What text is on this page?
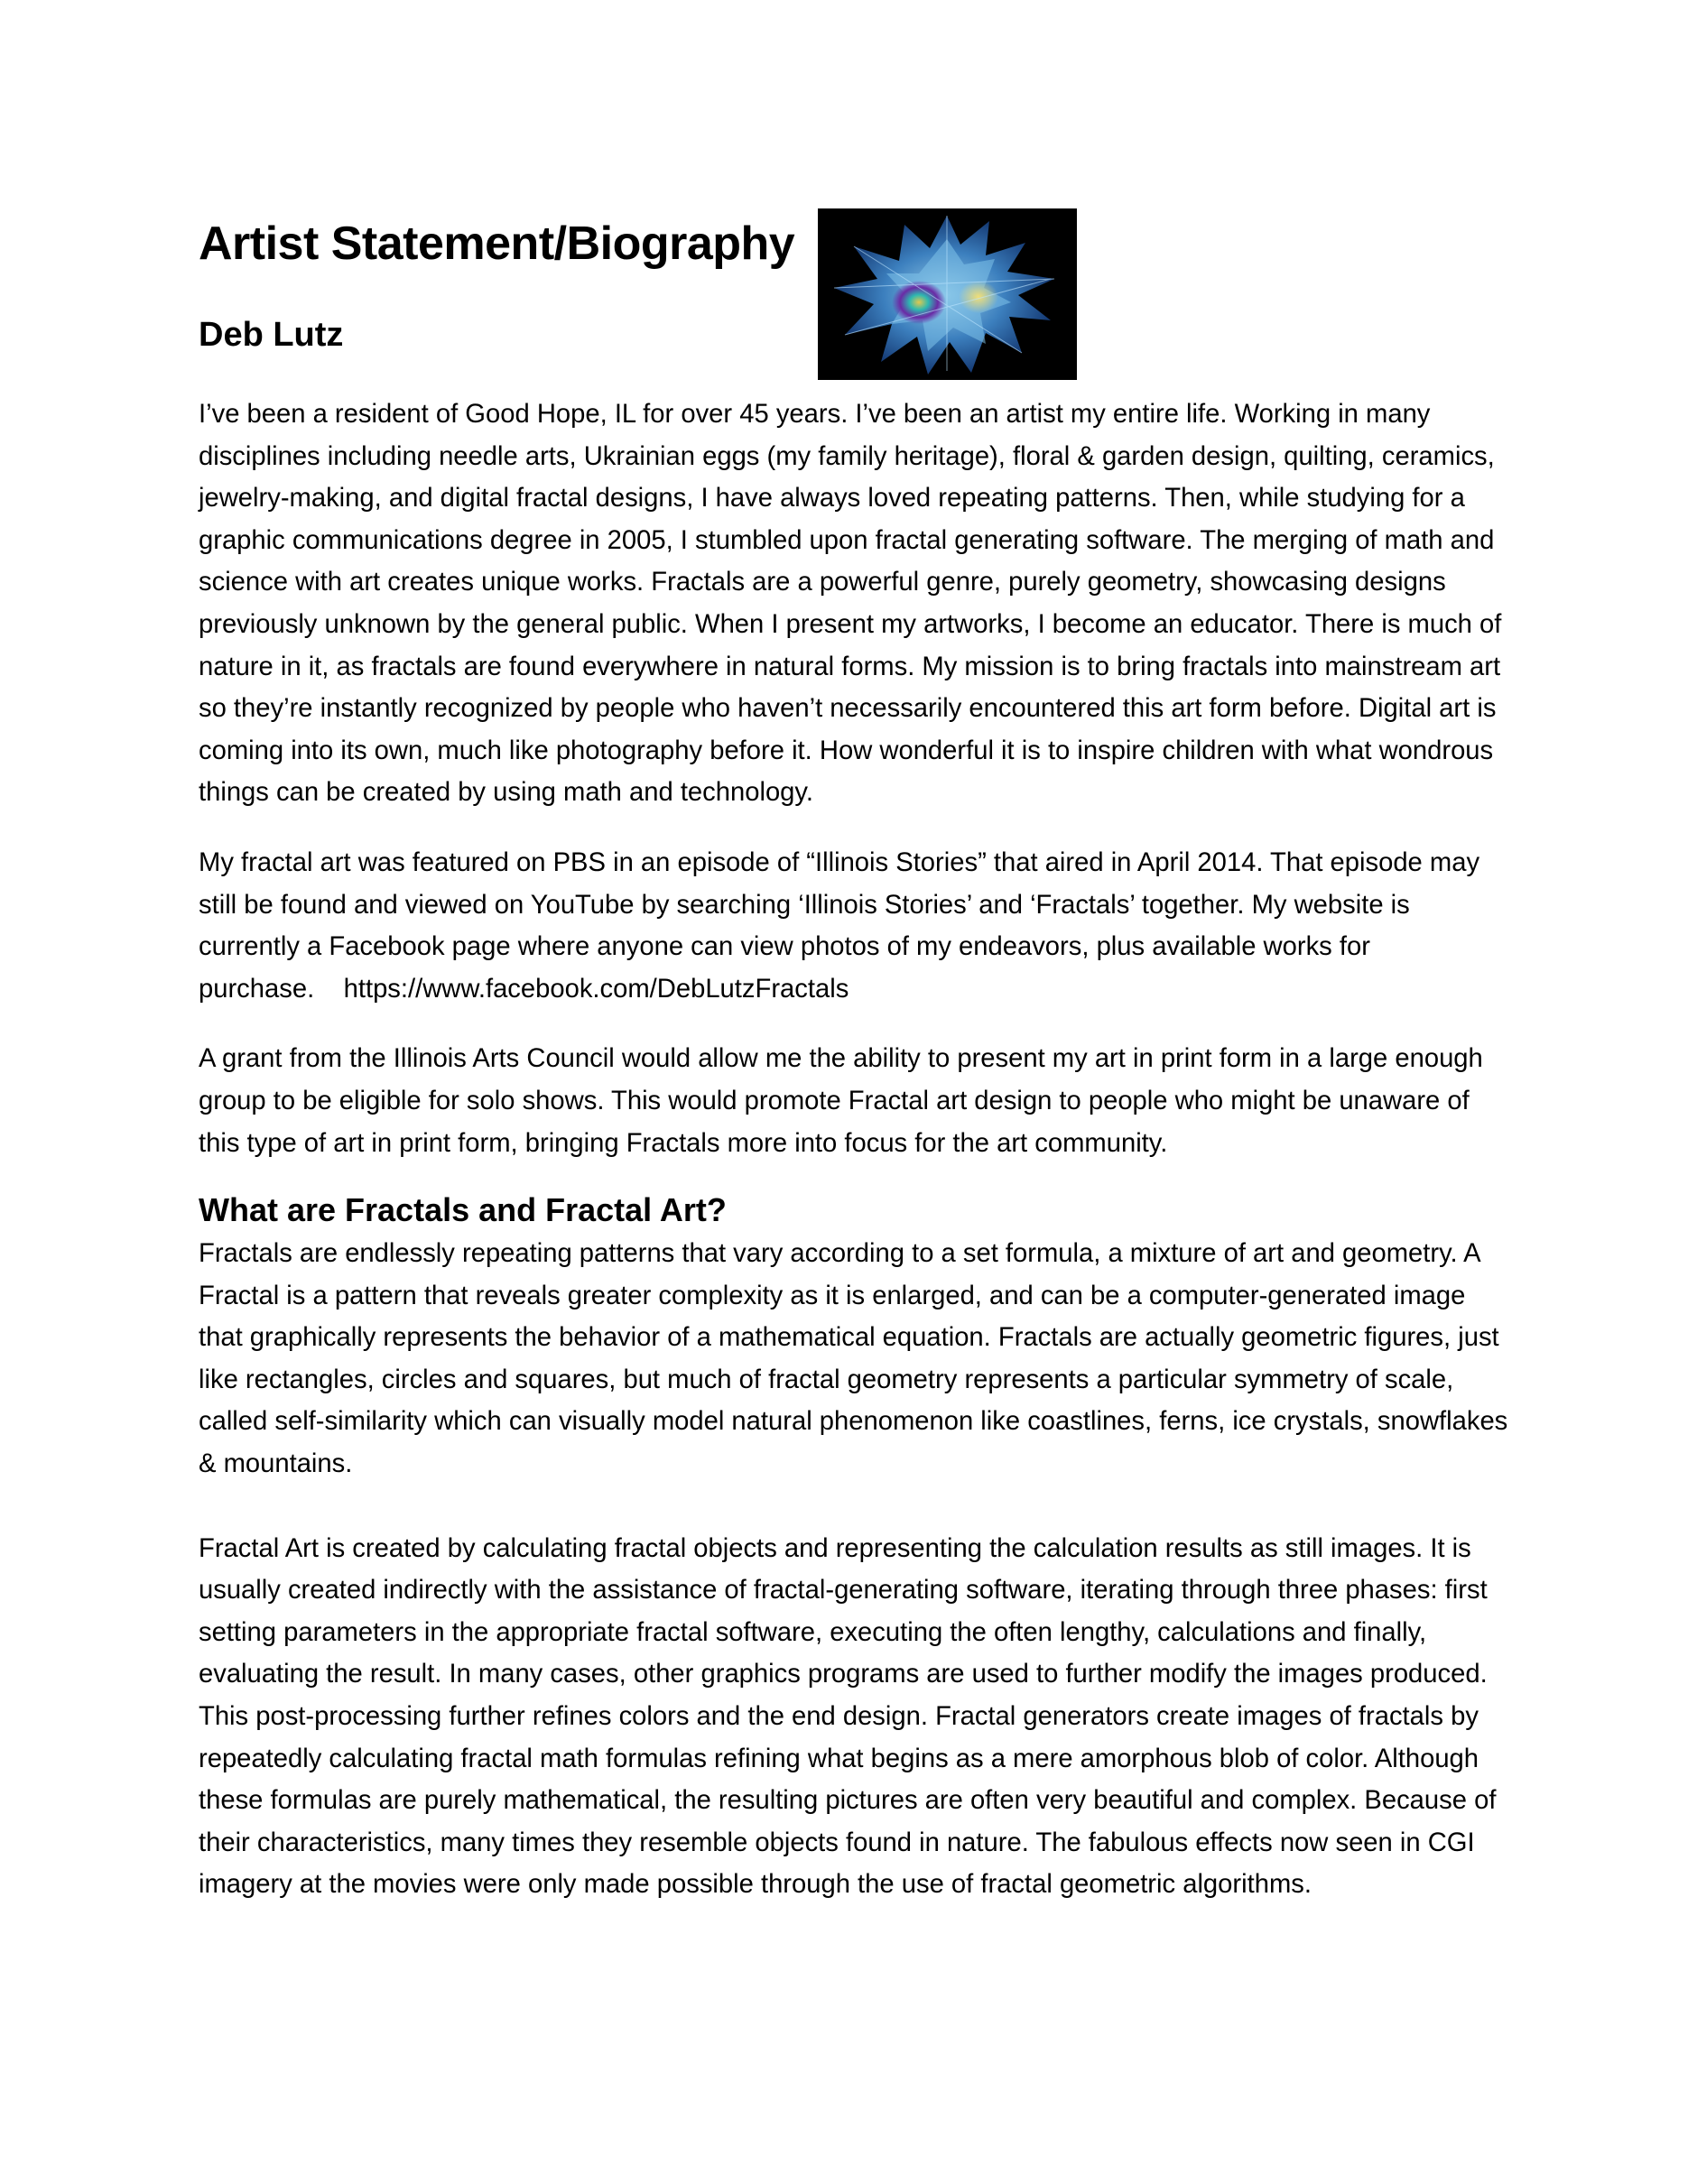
Artist Statement/Biography
Deb Lutz

I’ve been a resident of Good Hope, IL for over 45 years. I’ve been an artist my entire life. Working in many disciplines including needle arts, Ukrainian eggs (my family heritage), floral & garden design, quilting, ceramics, jewelry-making, and digital fractal designs, I have always loved repeating patterns. Then, while studying for a graphic communications degree in 2005, I stumbled upon fractal generating software. The merging of math and science with art creates unique works. Fractals are a powerful genre, purely geometry, showcasing designs previously unknown by the general public. When I present my artworks, I become an educator. There is much of nature in it, as fractals are found everywhere in natural forms. My mission is to bring fractals into mainstream art so they’re instantly recognized by people who haven’t necessarily encountered this art form before. Digital art is coming into its own, much like photography before it. How wonderful it is to inspire children with what wondrous things can be created by using math and technology.

My fractal art was featured on PBS in an episode of “Illinois Stories” that aired in April 2014. That episode may still be found and viewed on YouTube by searching ‘Illinois Stories’ and ‘Fractals’ together. My website is currently a Facebook page where anyone can view photos of my endeavors, plus available works for purchase. https://www.facebook.com/DebLutzFractals

A grant from the Illinois Arts Council would allow me the ability to present my art in print form in a large enough group to be eligible for solo shows. This would promote Fractal art design to people who might be unaware of this type of art in print form, bringing Fractals more into focus for the art community.

What are Fractals and Fractal Art?

Fractals are endlessly repeating patterns that vary according to a set formula, a mixture of art and geometry. A Fractal is a pattern that reveals greater complexity as it is enlarged, and can be a computer-generated image that graphically represents the behavior of a mathematical equation. Fractals are actually geometric figures, just like rectangles, circles and squares, but much of fractal geometry represents a particular symmetry of scale, called self-similarity which can visually model natural phenomenon like coastlines, ferns, ice crystals, snowflakes & mountains.

Fractal Art is created by calculating fractal objects and representing the calculation results as still images. It is usually created indirectly with the assistance of fractal-generating software, iterating through three phases: first setting parameters in the appropriate fractal software, executing the often lengthy, calculations and finally, evaluating the result. In many cases, other graphics programs are used to further modify the images produced. This post-processing further refines colors and the end design. Fractal generators create images of fractals by repeatedly calculating fractal math formulas refining what begins as a mere amorphous blob of color. Although these formulas are purely mathematical, the resulting pictures are often very beautiful and complex. Because of their characteristics, many times they resemble objects found in nature. The fabulous effects now seen in CGI imagery at the movies were only made possible through the use of fractal geometric algorithms.
